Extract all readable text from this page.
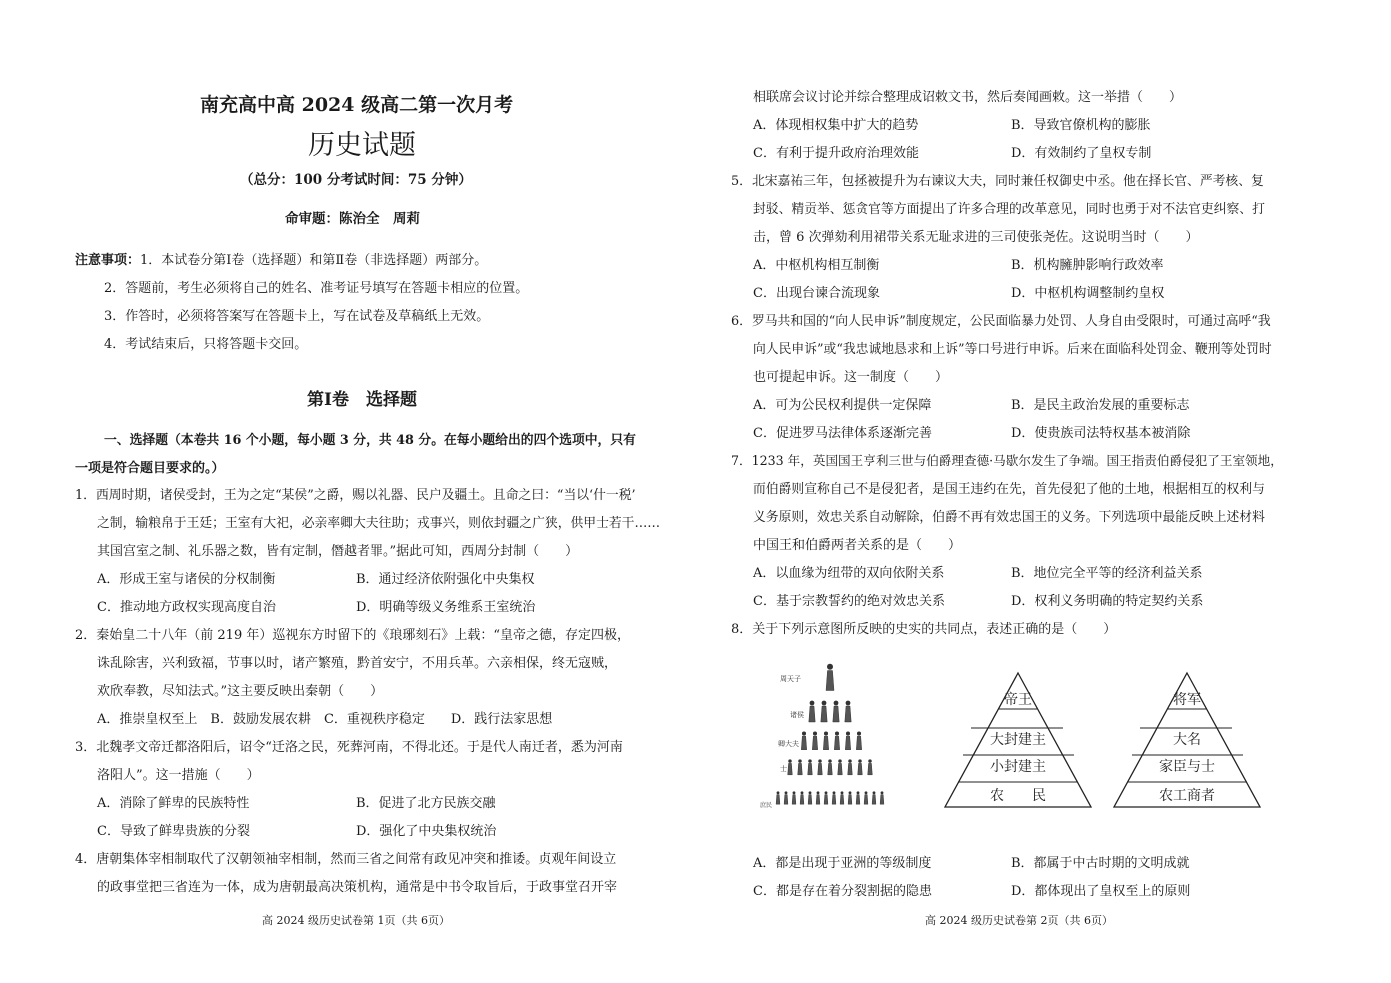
南充高中高 2024 级高二第一次月考
历史试题
（总分：100 分考试时间：75 分钟）
命审题：陈治全　周莉
注意事项：1．本试卷分第Ⅰ卷（选择题）和第Ⅱ卷（非选择题）两部分。
2．答题前，考生必须将自己的姓名、准考证号填写在答题卡相应的位置。
3．作答时，必须将答案写在答题卡上，写在试卷及草稿纸上无效。
4．考试结束后，只将答题卡交回。
第Ⅰ卷　选择题
一、选择题（本卷共 16 个小题，每小题 3 分，共 48 分。在每小题给出的四个选项中，只有
一项是符合题目要求的。）
1．西周时期，诸侯受封，王为之定“某侯”之爵，赐以礼器、民户及疆土。且命之曰：“当以‘什一税’
之制，输粮帛于王廷；王室有大祀，必亲率卿大夫往助；戎事兴，则依封疆之广狭，供甲士若干……
其国宫室之制、礼乐器之数，皆有定制，僭越者罪。”据此可知，西周分封制（　　）
A．形成王室与诸侯的分权制衡	B．通过经济依附强化中央集权
C．推动地方政权实现高度自治	D．明确等级义务维系王室统治
2．秦始皇二十八年（前 219 年）巡视东方时留下的《琅琊刻石》上载：“皇帝之德，存定四极，
诛乱除害，兴利致福，节事以时，诸产繁殖，黔首安宁，不用兵革。六亲相保，终无寇贼，
欢欣奉教，尽知法式。”这主要反映出秦朝（　　）
A．推崇皇权至上　B．鼓励发展农耕　C．重视秩序稳定　　D．践行法家思想
3．北魏孝文帝迁都洛阳后，诏令“迁洛之民，死葬河南，不得北还。于是代人南迁者，悉为河南
洛阳人”。这一措施（　　）
A．消除了鲜卑的民族特性	B．促进了北方民族交融
C．导致了鲜卑贵族的分裂	D．强化了中央集权统治
4．唐朝集体宰相制取代了汉朝领袖宰相制，然而三省之间常有政见冲突和推诿。贞观年间设立
的政事堂把三省连为一体，成为唐朝最高决策机构，通常是中书令取旨后，于政事堂召开宰
高 2024 级历史试卷第 1页（共 6页）
相联席会议讨论并综合整理成诏敕文书，然后奏闻画敕。这一举措（　　）
A．体现相权集中扩大的趋势	B．导致官僚机构的膨胀
C．有利于提升政府治理效能	D．有效制约了皇权专制
5．北宋嘉祐三年，包拯被提升为右谏议大夫，同时兼任权御史中丞。他在择长官、严考核、复
封驳、精贡举、惩贪官等方面提出了许多合理的改革意见，同时也勇于对不法官吏纠察、打
击，曾 6 次弹劾利用裙带关系无耻求进的三司使张尧佐。这说明当时（　　）
A．中枢机构相互制衡	B．机构臃肿影响行政效率
C．出现台谏合流现象	D．中枢机构调整制约皇权
6．罗马共和国的“向人民申诉”制度规定，公民面临暴力处罚、人身自由受限时，可通过高呼“我
向人民申诉”或“我忠诚地恳求和上诉”等口号进行申诉。后来在面临科处罚金、鞭刑等处罚时
也可提起申诉。这一制度（　　）
A．可为公民权利提供一定保障	B．是民主政治发展的重要标志
C．促进罗马法律体系逐渐完善	D．使贵族司法特权基本被消除
7．1233 年，英国国王亨利三世与伯爵理查德·马歇尔发生了争端。国王指责伯爵侵犯了王室领地，
而伯爵则宣称自己不是侵犯者，是国王违约在先，首先侵犯了他的土地，根据相互的权利与
义务原则，效忠关系自动解除，伯爵不再有效忠国王的义务。下列选项中最能反映上述材料
中国王和伯爵两者关系的是（　　）
A．以血缘为纽带的双向依附关系	B．地位完全平等的经济利益关系
C．基于宗教誓约的绝对效忠关系	D．权利义务明确的特定契约关系
8．关于下列示意图所反映的史实的共同点，表述正确的是（　　）
周天子
诸侯
卿大夫
士
庶民
帝王
大封建主
小封建主
农　　民
将军
大名
家臣与士
农工商者
A．都是出现于亚洲的等级制度	B．都属于中古时期的文明成就
C．都是存在着分裂割据的隐患	D．都体现出了皇权至上的原则
高 2024 级历史试卷第 2页（共 6页）
